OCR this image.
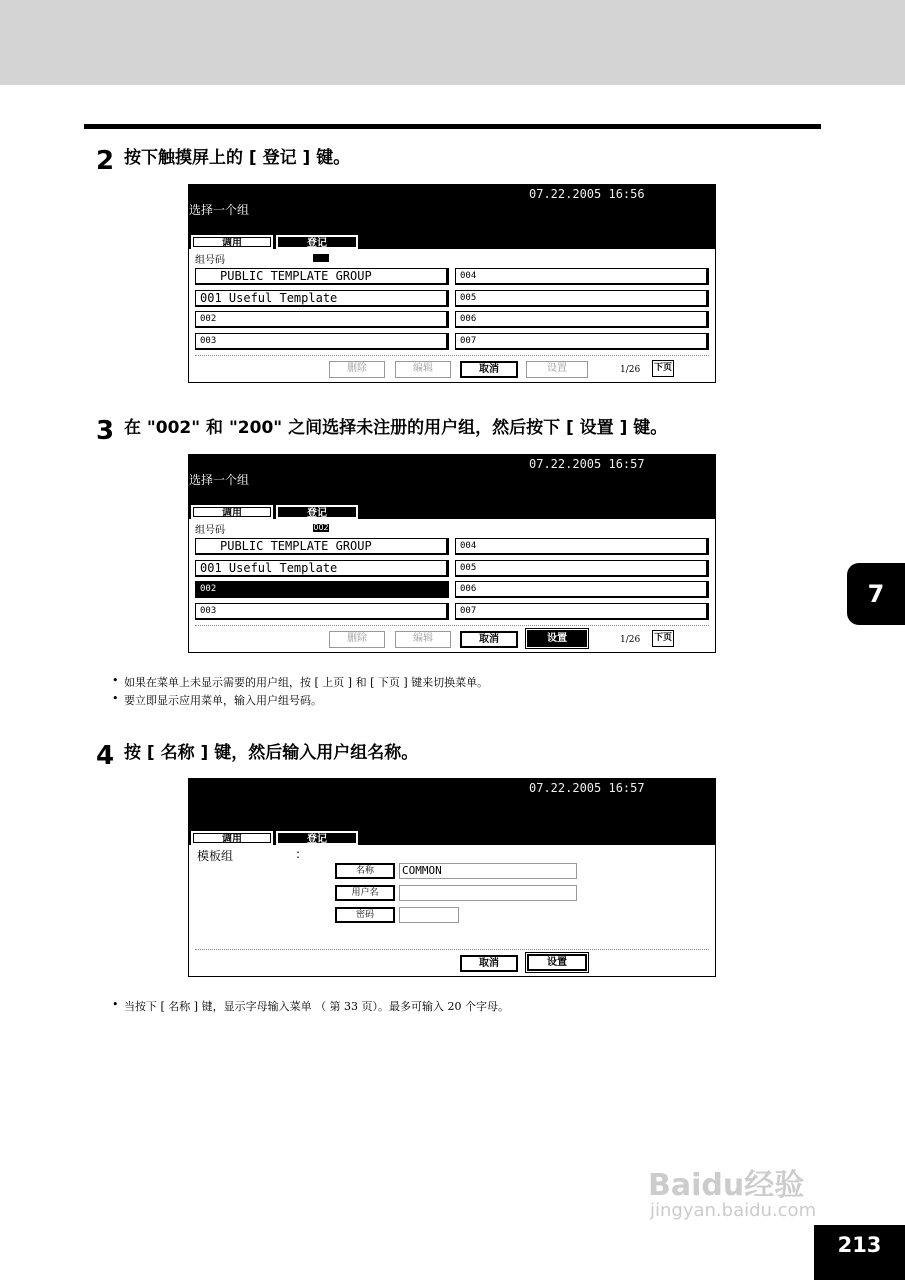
2 按下触摸屏上的 [ 登记 ] 键。
07.22.2005 16:56
选择一个组
调用	登记
组号码
PUBLIC TEMPLATE GROUP
001 Useful Template
002
003
004
005
006
007
删除	编辑	取消	设置	1/26 下页
3 在 "002" 和 "200" 之间选择未注册的用户组，然后按下 [ 设置 ] 键。
07.22.2005 16:57
选择一个组
调用	登记
组号码	002
PUBLIC TEMPLATE GROUP
001 Useful Template
002
003
004
005
006
007
删除	编辑	取消	设置	1/26 下页
• 如果在菜单上未显示需要的用户组，按 [ 上页 ] 和 [ 下页 ] 键来切换菜单。
• 要立即显示应用菜单，输入用户组号码。
4 按 [ 名称 ] 键，然后输入用户组名称。
07.22.2005 16:57
调用	登记
模板组	:
名称	COMMON
用户名
密码
取消	设置
• 当按下 [ 名称 ] 键，显示字母输入菜单 （ 第 33 页）。最多可输入 20 个字母。
7
Baidu经验
jingyan.baidu.com
213
